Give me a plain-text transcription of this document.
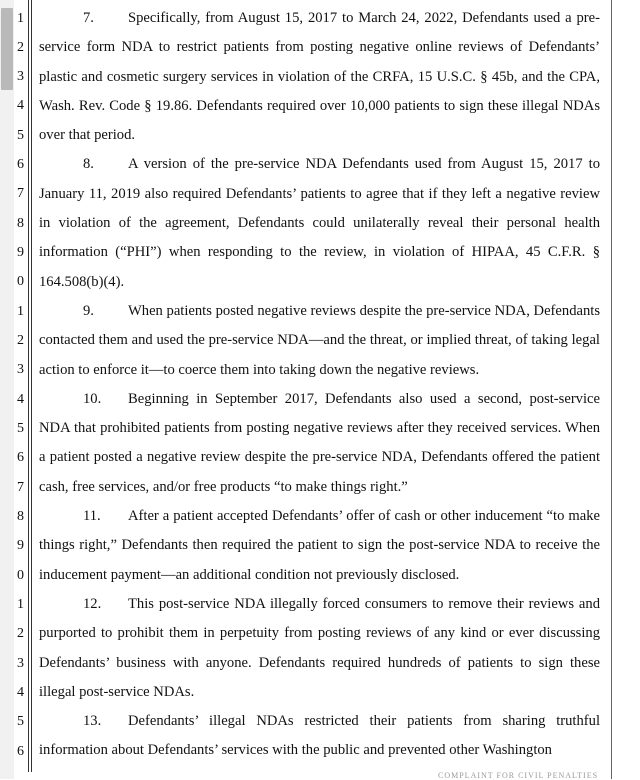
1
2
3
4
5
6
7
8
9
0
1
2
3
4
5
6
7
8
9
0
1
2
3
4
5
6

7. Specifically, from August 15, 2017 to March 24, 2022, Defendants used a pre-service form NDA to restrict patients from posting negative online reviews of Defendants’ plastic and cosmetic surgery services in violation of the CRFA, 15 U.S.C. § 45b, and the CPA, Wash. Rev. Code § 19.86. Defendants required over 10,000 patients to sign these illegal NDAs over that period.

8. A version of the pre-service NDA Defendants used from August 15, 2017 to January 11, 2019 also required Defendants’ patients to agree that if they left a negative review in violation of the agreement, Defendants could unilaterally reveal their personal health information (“PHI”) when responding to the review, in violation of HIPAA, 45 C.F.R. § 164.508(b)(4).

9. When patients posted negative reviews despite the pre-service NDA, Defendants contacted them and used the pre-service NDA—and the threat, or implied threat, of taking legal action to enforce it—to coerce them into taking down the negative reviews.

10. Beginning in September 2017, Defendants also used a second, post-service NDA that prohibited patients from posting negative reviews after they received services. When a patient posted a negative review despite the pre-service NDA, Defendants offered the patient cash, free services, and/or free products “to make things right.”

11. After a patient accepted Defendants’ offer of cash or other inducement “to make things right,” Defendants then required the patient to sign the post-service NDA to receive the inducement payment—an additional condition not previously disclosed.

12. This post-service NDA illegally forced consumers to remove their reviews and purported to prohibit them in perpetuity from posting reviews of any kind or ever discussing Defendants’ business with anyone. Defendants required hundreds of patients to sign these illegal post-service NDAs.

13. Defendants’ illegal NDAs restricted their patients from sharing truthful information about Defendants’ services with the public and prevented other Washington

COMPLAINT FOR CIVIL PENALTIES
